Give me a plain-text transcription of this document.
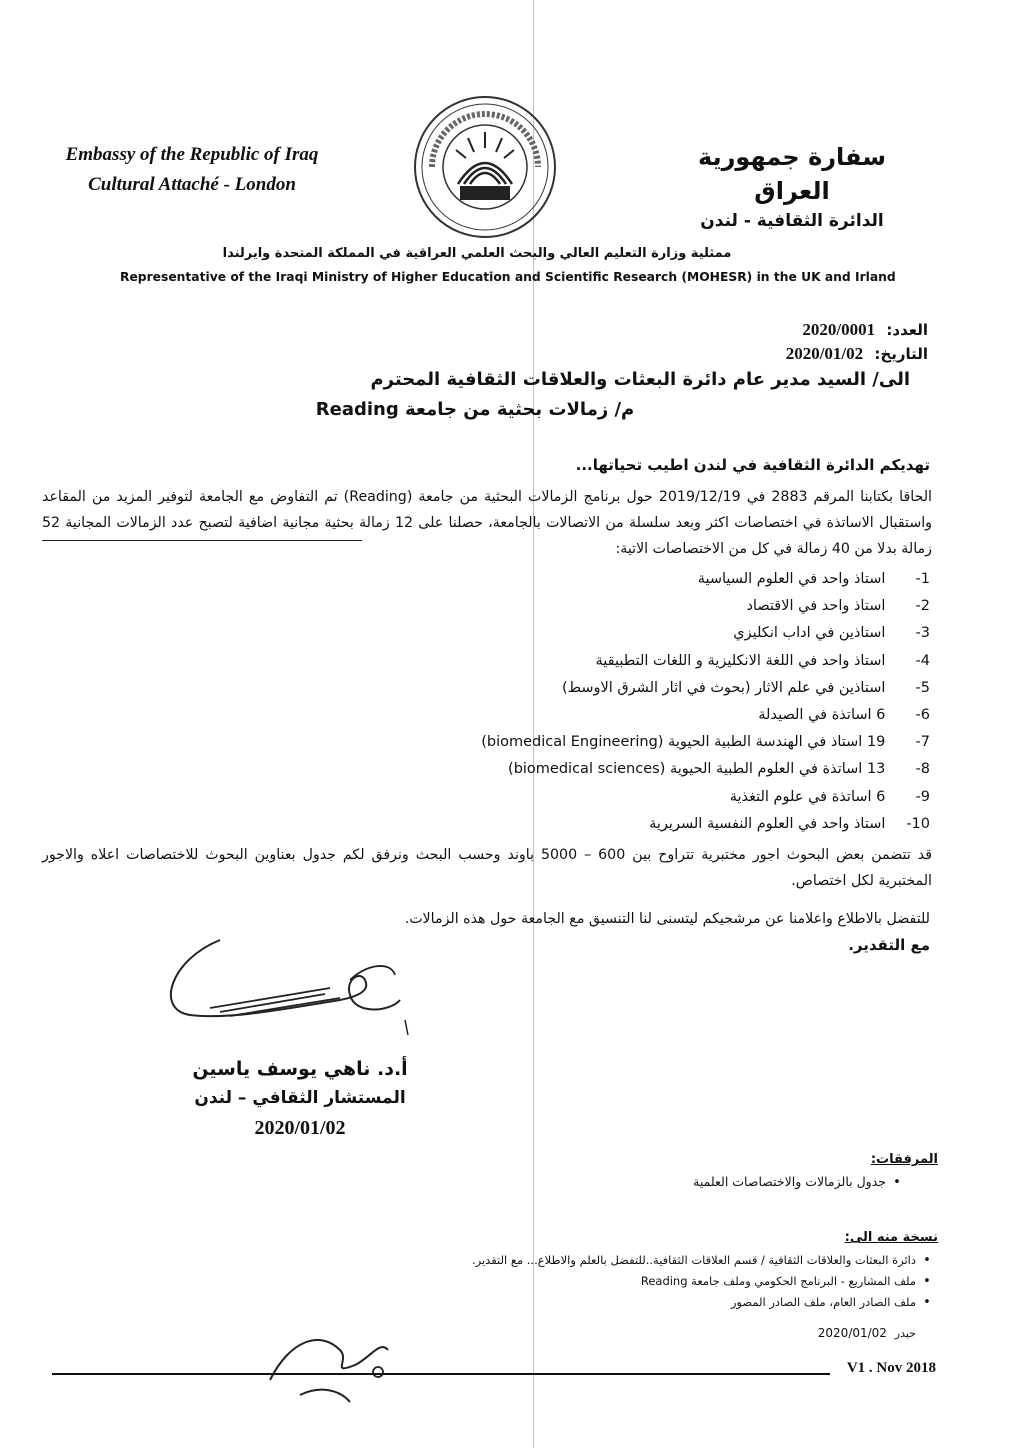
Embassy of the Republic of Iraq
Cultural Attaché - London
سفارة جمهورية العراق
الدائرة الثقافية - لندن
ممثلية وزارة التعليم العالي والبحث العلمي العراقية في المملكة المتحدة وايرلندا
Representative of the Iraqi Ministry of Higher Education and Scientific Research (MOHESR) in the UK and Irland
العدد: 2020/0001
التاريخ: 2020/01/02
الى/ السيد مدير عام دائرة البعثات والعلاقات الثقافية المحترم
م/ زمالات بحثية من جامعة Reading
تهديكم الدائرة الثقافية في لندن اطيب تحياتها...
الحاقا بكتابنا المرقم 2883 في 2019/12/19 حول برنامج الزمالات البحثية من جامعة (Reading) تم التفاوض مع الجامعة لتوفير المزيد من المقاعد واستقبال الاساتذة في اختصاصات اكثر وبعد سلسلة من الاتصالات بالجامعة، حصلنا على 12 زمالة بحثية مجانية اضافية لتصبح عدد الزمالات المجانية 52 زمالة بدلا من 40 زمالة في كل من الاختصاصات الاتية:
1- استاذ واحد في العلوم السياسية
2- استاذ واحد في الاقتصاد
3- استاذين في اداب انكليزي
4- استاذ واحد في اللغة الانكليزية و اللغات التطبيقية
5- استاذين في علم الاثار (بحوث في اثار الشرق الاوسط)
6- 6 اساتذة في الصيدلة
7- 19 استاذ في الهندسة الطبية الحيوية (biomedical Engineering)
8- 13 اساتذة في العلوم الطبية الحيوية (biomedical sciences)
9- 6 اساتذة في علوم التغذية
10- استاذ واحد في العلوم النفسية السريرية
قد تتضمن بعض البحوث اجور مختبرية تتراوح بين 600 – 5000 باوند وحسب البحث ونرفق لكم جدول بعناوين البحوث للاختصاصات اعلاه والاجور المختبرية لكل اختصاص.
للتفضل بالاطلاع واعلامنا عن مرشحيكم ليتسنى لنا التنسيق مع الجامعة حول هذه الزمالات.
مع التقدير.
أ.د. ناهي يوسف ياسين
المستشار الثقافي – لندن
2020/01/02
المرفقات:
•جدول بالزمالات والاختصاصات العلمية
نسخة منه الى:
•دائرة البعثات والعلاقات الثقافية / قسم العلاقات الثقافية..للتفضل بالعلم والاطلاع... مع التقدير.
•ملف المشاريع - البرنامج الحكومي وملف جامعة Reading
•ملف الصادر العام، ملف الصادر المصور
2020/01/02 حيدر
V1 . Nov 2018
